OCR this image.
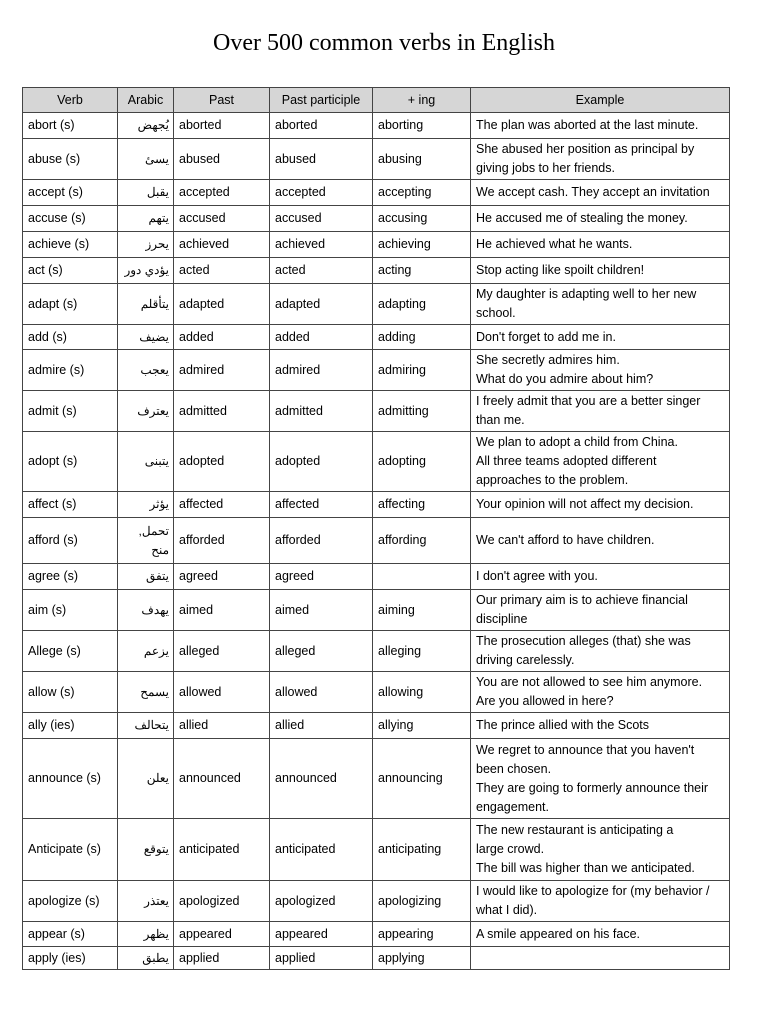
Over 500 common verbs in English
Verb	Arabic	Past	Past participle	+ ing	Example
abort (s)	يُجهض	aborted	aborted	aborting	The plan was aborted at the last minute.
abuse (s)	يسئ	abused	abused	abusing	She abused her position as principal by
giving jobs to her friends.
accept (s)	يقبل	accepted	accepted	accepting	We accept cash. They accept an invitation
accuse (s)	يتهم	accused	accused	accusing	He accused me of stealing the money.
achieve (s)	يحرز	achieved	achieved	achieving	He achieved what he wants.
act (s)	يؤدي دور	acted	acted	acting	Stop acting like spoilt children!
adapt (s)	يتأقلم	adapted	adapted	adapting	My daughter is adapting well to her new
school.
add (s)	يضيف	added	added	adding	Don't forget to add me in.
admire (s)	يعجب	admired	admired	admiring	She secretly admires him.
What do you admire about him?
admit (s)	يعترف	admitted	admitted	admitting	I freely admit that you are a better singer
than me.
adopt (s)	يتبنى	adopted	adopted	adopting	We plan to adopt a child from China.
All three teams adopted different
approaches to the problem.
affect (s)	يؤثر	affected	affected	affecting	Your opinion will not affect my decision.
afford (s)	تحمل,
منح	afforded	afforded	affording	We can't afford to have children.
agree (s)	يتفق	agreed	agreed		I don't agree with you.
aim (s)	يهدف	aimed	aimed	aiming	Our primary aim is to achieve financial
discipline
Allege (s)	يزعم	alleged	alleged	alleging	The prosecution alleges (that) she was
driving carelessly.
allow (s)	يسمح	allowed	allowed	allowing	You are not allowed to see him anymore.
Are you allowed in here?
ally (ies)	يتحالف	allied	allied	allying	The prince allied with the Scots
announce (s)	يعلن	announced	announced	announcing	We regret to announce that you haven't
been chosen.
They are going to formerly announce their
engagement.
Anticipate (s)	يتوقع	anticipated	anticipated	anticipating	The new restaurant is anticipating a
large crowd.
The bill was higher than we anticipated.
apologize (s)	يعتذر	apologized	apologized	apologizing	I would like to apologize for (my behavior /
what I did).
appear (s)	يظهر	appeared	appeared	appearing	A smile appeared on his face.
apply (ies)	يطبق	applied	applied	applying	
